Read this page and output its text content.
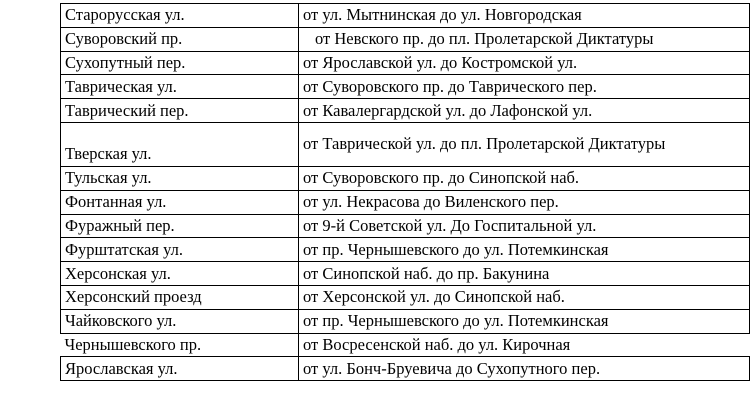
Старорусская ул.	от ул. Мытнинская до ул. Новгородская
Суворовский пр.	от Невского пр. до пл. Пролетарской Диктатуры
Сухопутный пер.	от Ярославской ул. до Костромской ул.
Таврическая ул.	от Суворовского пр. до Таврического пер.
Таврический пер.	от Кавалергардской ул. до Лафонской ул.
Тверская ул.	от Таврической ул. до пл. Пролетарской Диктатуры
Тульская ул.	от Суворовского пр. до Синопской наб.
Фонтанная ул.	от ул. Некрасова до Виленского пер.
Фуражный пер.	от 9-й Советской ул. До Госпитальной ул.
Фурштатская ул.	от пр. Чернышевского до ул. Потемкинская
Херсонская ул.	от Синопской наб. до пр. Бакунина
Херсонский проезд	от Херсонской ул. до Синопской наб.
Чайковского ул.	от пр. Чернышевского до ул. Потемкинская
Чернышевского пр.	от Восресенской наб. до ул. Кирочная
Ярославская ул.	от ул. Бонч-Бруевича до Сухопутного пер.
